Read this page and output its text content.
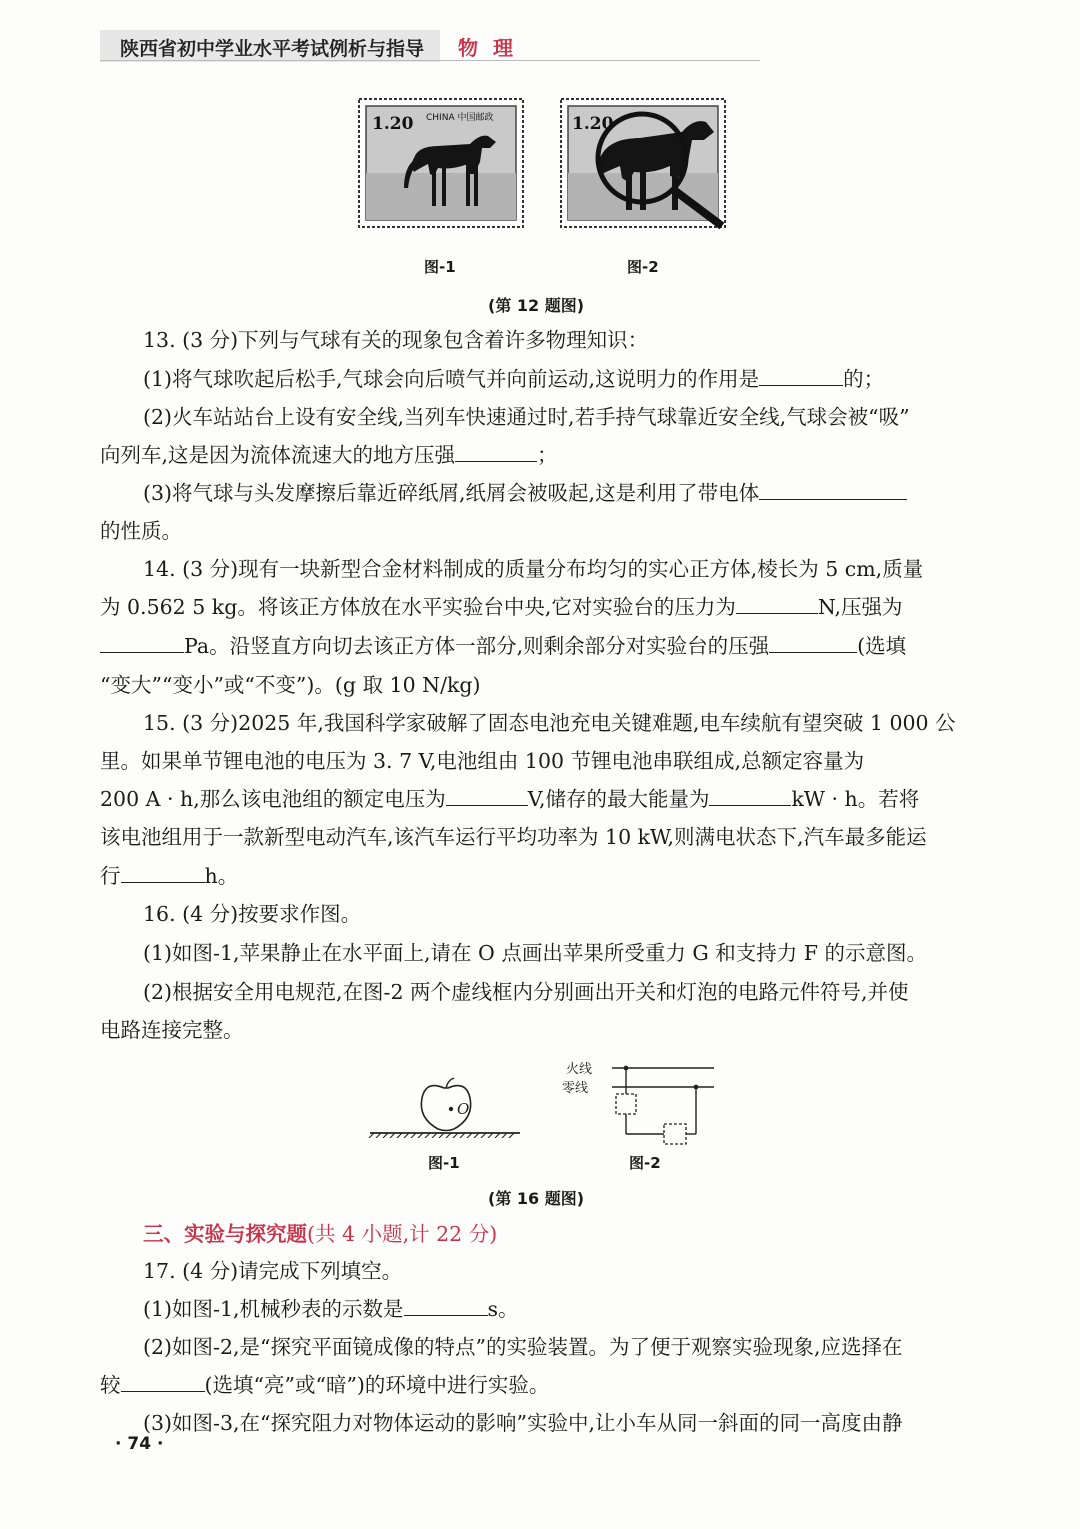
陕西省初中学业水平考试例析与指导 物 理
1.20 CHINA 中国邮政	1.20
图-1	图-2
(第 12 题图)
13. (3 分)下列与气球有关的现象包含着许多物理知识：
(1)将气球吹起后松手,气球会向后喷气并向前运动,这说明力的作用是	的；
(2)火车站站台上设有安全线,当列车快速通过时,若手持气球靠近安全线,气球会被“吸”
向列车,这是因为流体流速大的地方压强	；
(3)将气球与头发摩擦后靠近碎纸屑,纸屑会被吸起,这是利用了带电体
的性质。
14. (3 分)现有一块新型合金材料制成的质量分布均匀的实心正方体,棱长为 5 cm,质量
为 0.562 5 kg。将该正方体放在水平实验台中央,它对实验台的压力为	N,压强为
Pa。沿竖直方向切去该正方体一部分,则剩余部分对实验台的压强	(选填
“变大”“变小”或“不变”)。(g 取 10 N/kg)
15. (3 分)2025 年,我国科学家破解了固态电池充电关键难题,电车续航有望突破 1 000 公
里。如果单节锂电池的电压为 3. 7 V,电池组由 100 节锂电池串联组成,总额定容量为
200 A · h,那么该电池组的额定电压为	V,储存的最大能量为	kW · h。若将
该电池组用于一款新型电动汽车,该汽车运行平均功率为 10 kW,则满电状态下,汽车最多能运
行	h。
16. (4 分)按要求作图。
(1)如图-1,苹果静止在水平面上,请在 O 点画出苹果所受重力 G 和支持力 F 的示意图。
(2)根据安全用电规范,在图-2 两个虚线框内分别画出开关和灯泡的电路元件符号,并使
电路连接完整。
O
火线
零线
图-1	图-2
(第 16 题图)
三、实验与探究题(共 4 小题,计 22 分)
17. (4 分)请完成下列填空。
(1)如图-1,机械秒表的示数是	s。
(2)如图-2,是“探究平面镜成像的特点”的实验装置。为了便于观察实验现象,应选择在
较	(选填“亮”或“暗”)的环境中进行实验。
(3)如图-3,在“探究阻力对物体运动的影响”实验中,让小车从同一斜面的同一高度由静
· 74 ·
